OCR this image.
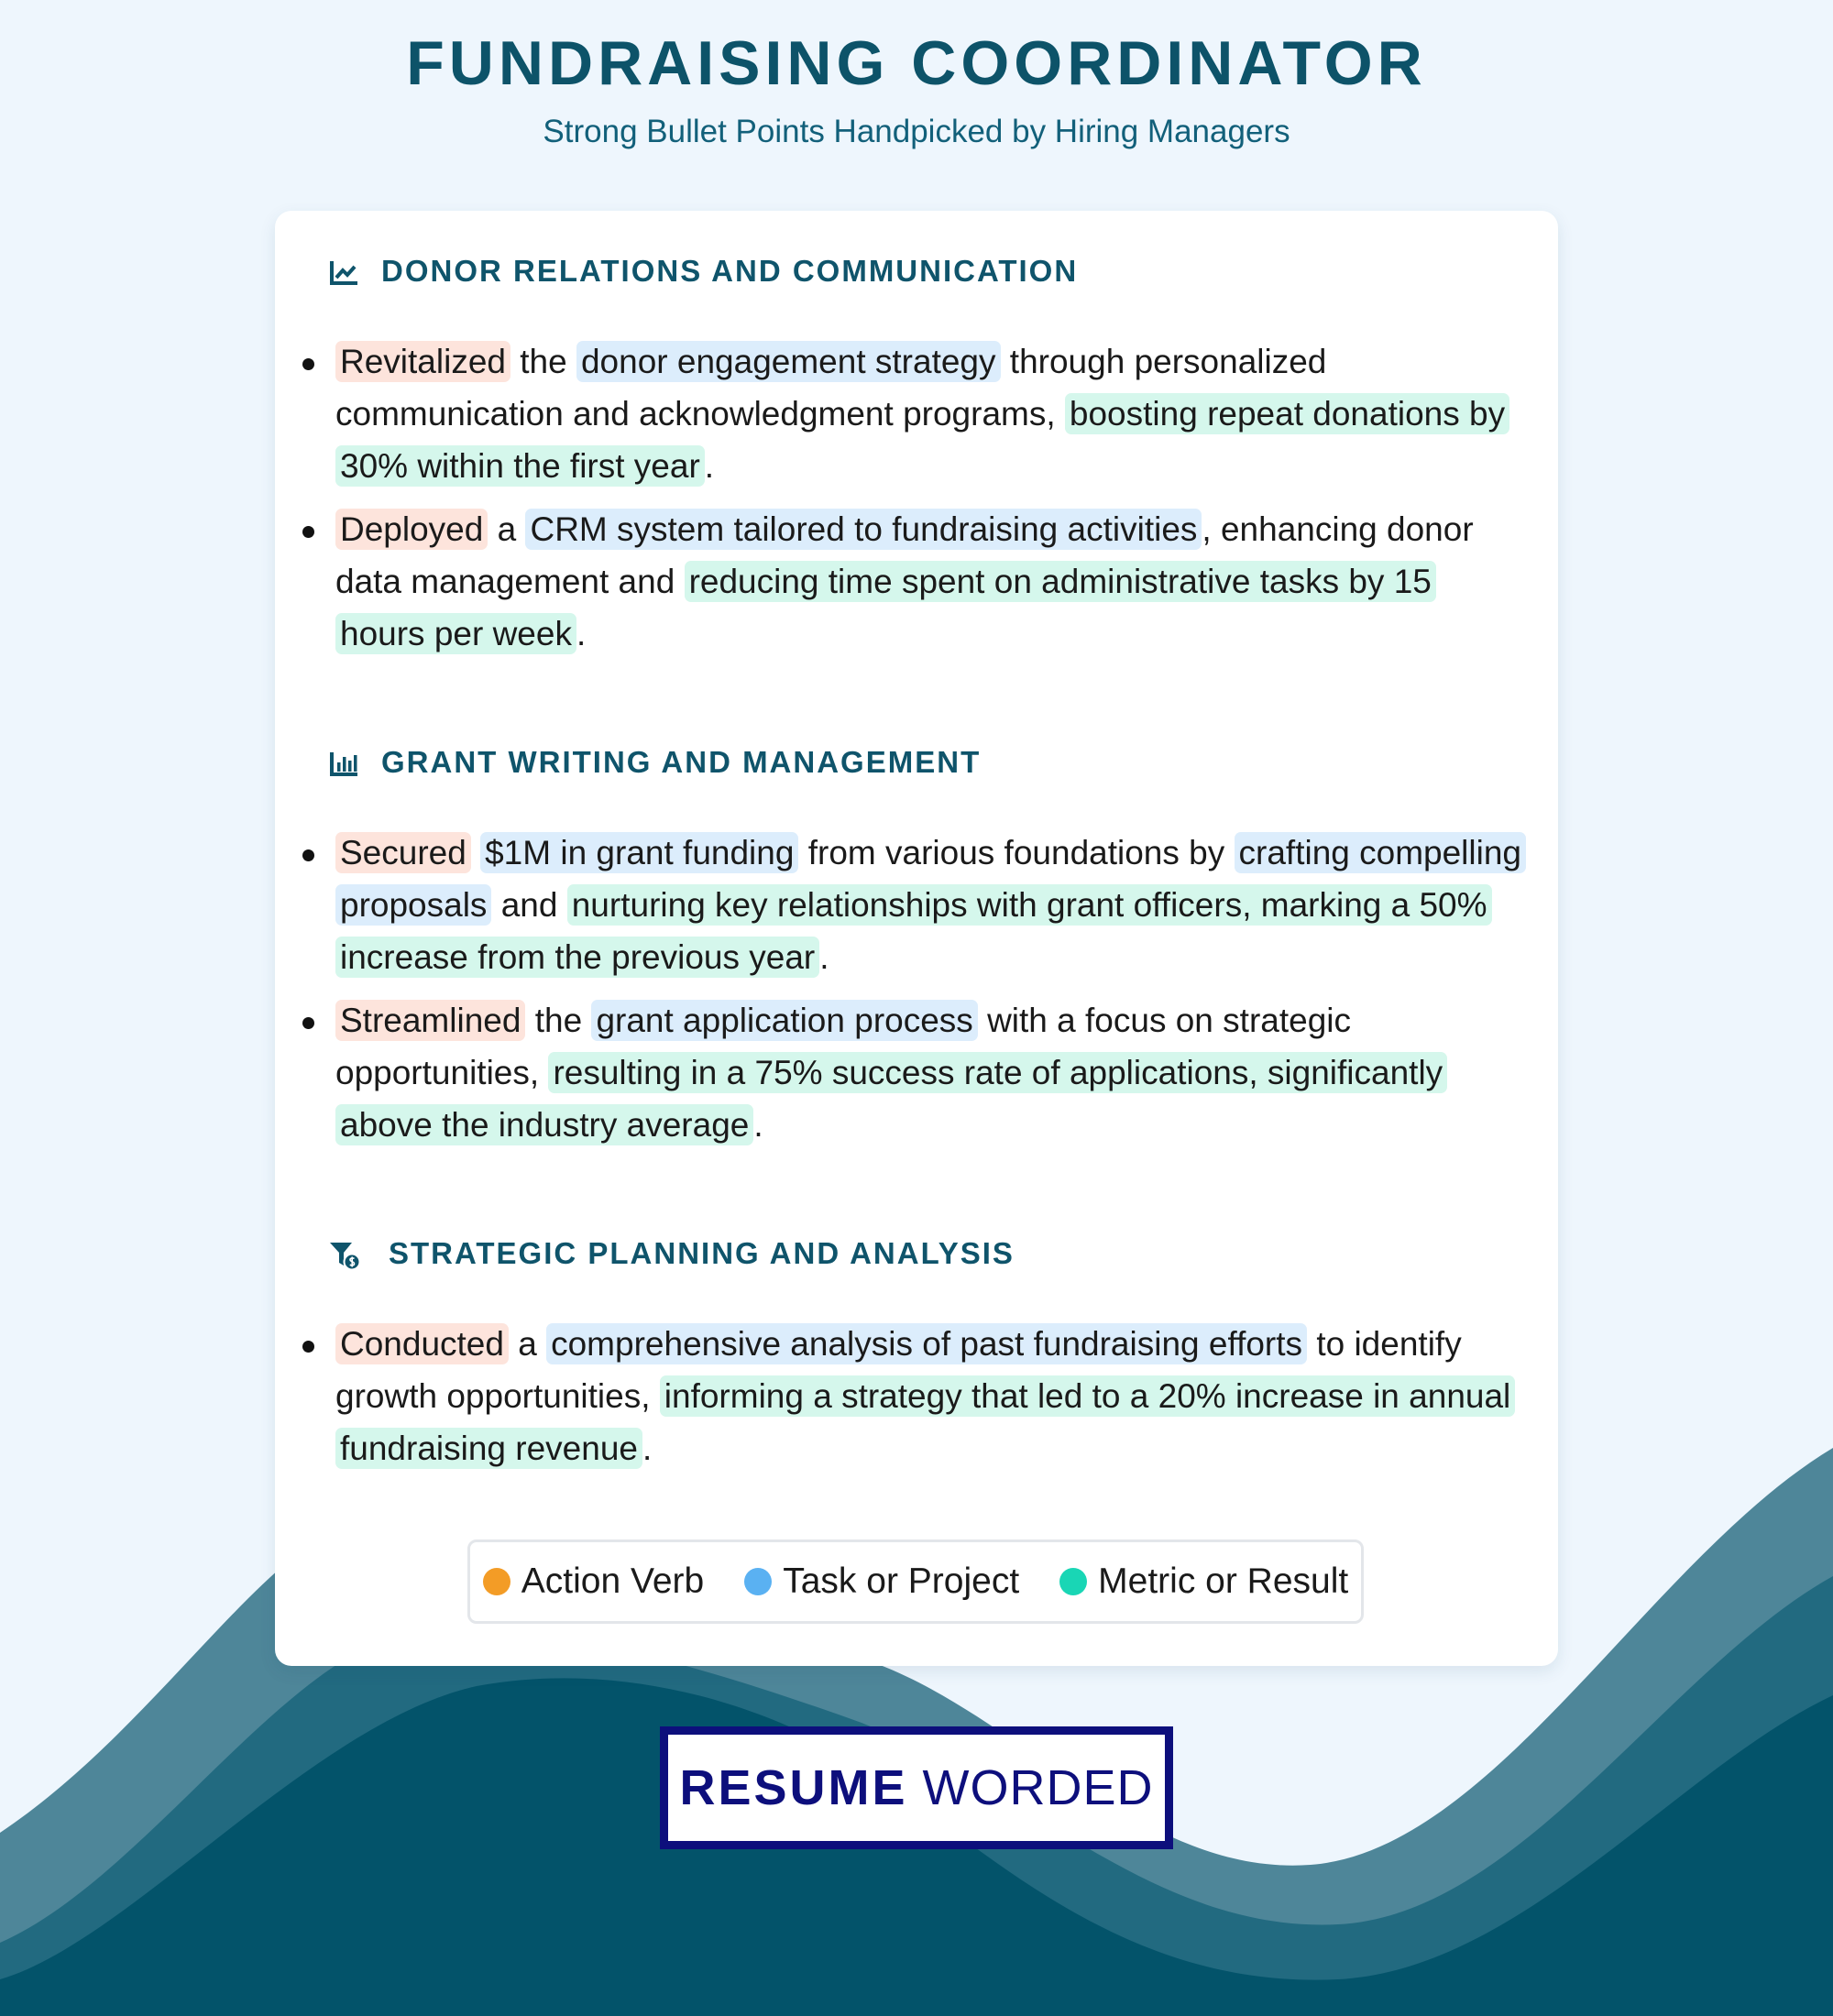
FUNDRAISING COORDINATOR
Strong Bullet Points Handpicked by Hiring Managers
DONOR RELATIONS AND COMMUNICATION
Revitalized the donor engagement strategy through personalized communication and acknowledgment programs, boosting repeat donations by 30% within the first year .
Deployed a CRM system tailored to fundraising activities , enhancing donor data management and reducing time spent on administrative tasks by 15 hours per week .
GRANT WRITING AND MANAGEMENT
Secured $1M in grant funding from various foundations by crafting compelling proposals and nurturing key relationships with grant officers, marking a 50% increase from the previous year .
Streamlined the grant application process with a focus on strategic opportunities, resulting in a 75% success rate of applications, significantly above the industry average .
STRATEGIC PLANNING AND ANALYSIS
Conducted a comprehensive analysis of past fundraising efforts to identify growth opportunities, informing a strategy that led to a 20% increase in annual fundraising revenue .
Action Verb Task or Project Metric or Result
RESUME WORDED
